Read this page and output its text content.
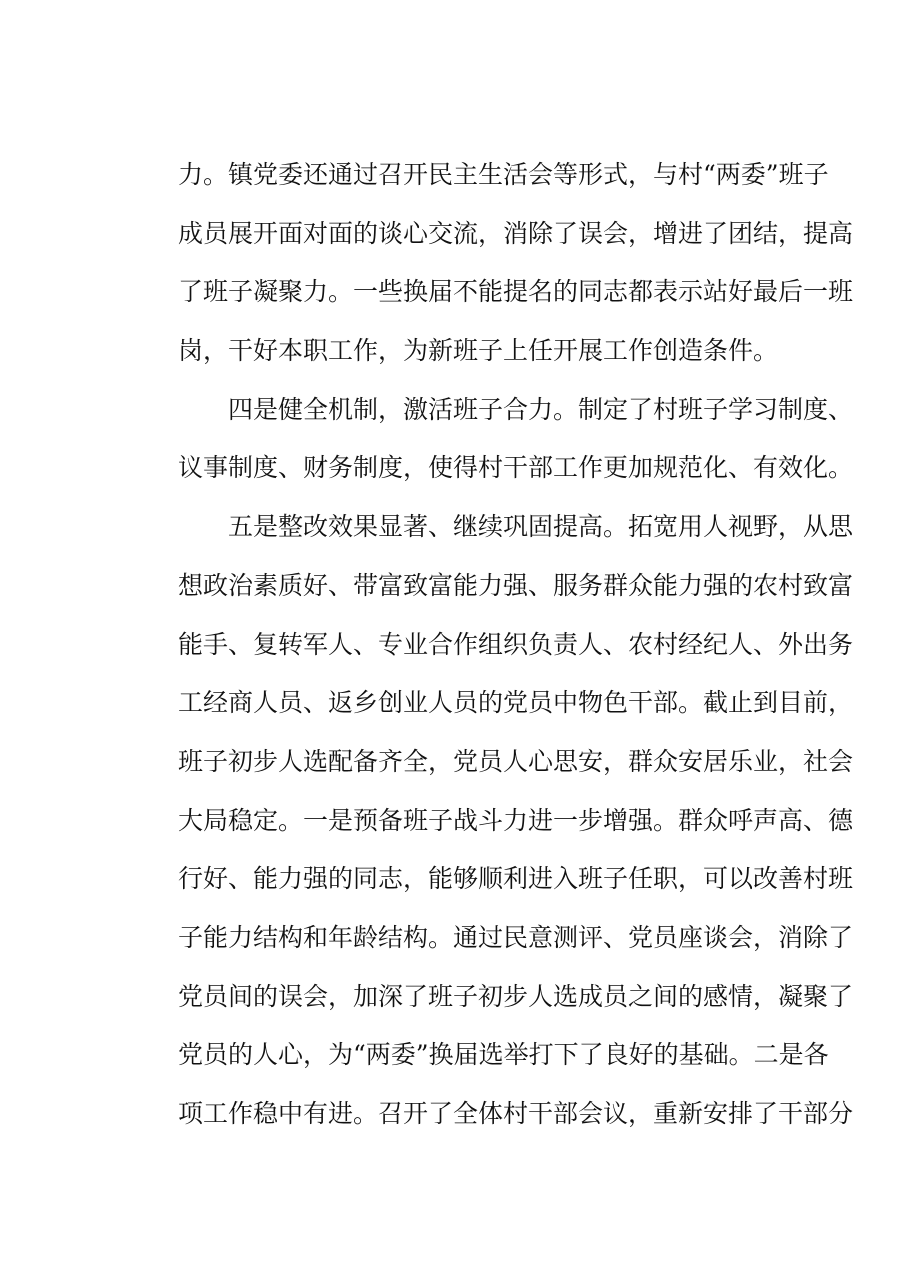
力。镇党委还通过召开民主生活会等形式，与村“两委”班子
成员展开面对面的谈心交流，消除了误会，增进了团结，提高
了班子凝聚力。一些换届不能提名的同志都表示站好最后一班
岗，干好本职工作，为新班子上任开展工作创造条件。
四是健全机制，激活班子合力。制定了村班子学习制度、
议事制度、财务制度，使得村干部工作更加规范化、有效化。
五是整改效果显著、继续巩固提高。拓宽用人视野，从思
想政治素质好、带富致富能力强、服务群众能力强的农村致富
能手、复转军人、专业合作组织负责人、农村经纪人、外出务
工经商人员、返乡创业人员的党员中物色干部。截止到目前，
班子初步人选配备齐全，党员人心思安，群众安居乐业，社会
大局稳定。一是预备班子战斗力进一步增强。群众呼声高、德
行好、能力强的同志，能够顺利进入班子任职，可以改善村班
子能力结构和年龄结构。通过民意测评、党员座谈会，消除了
党员间的误会，加深了班子初步人选成员之间的感情，凝聚了
党员的人心，为“两委”换届选举打下了良好的基础。二是各
项工作稳中有进。召开了全体村干部会议，重新安排了干部分
